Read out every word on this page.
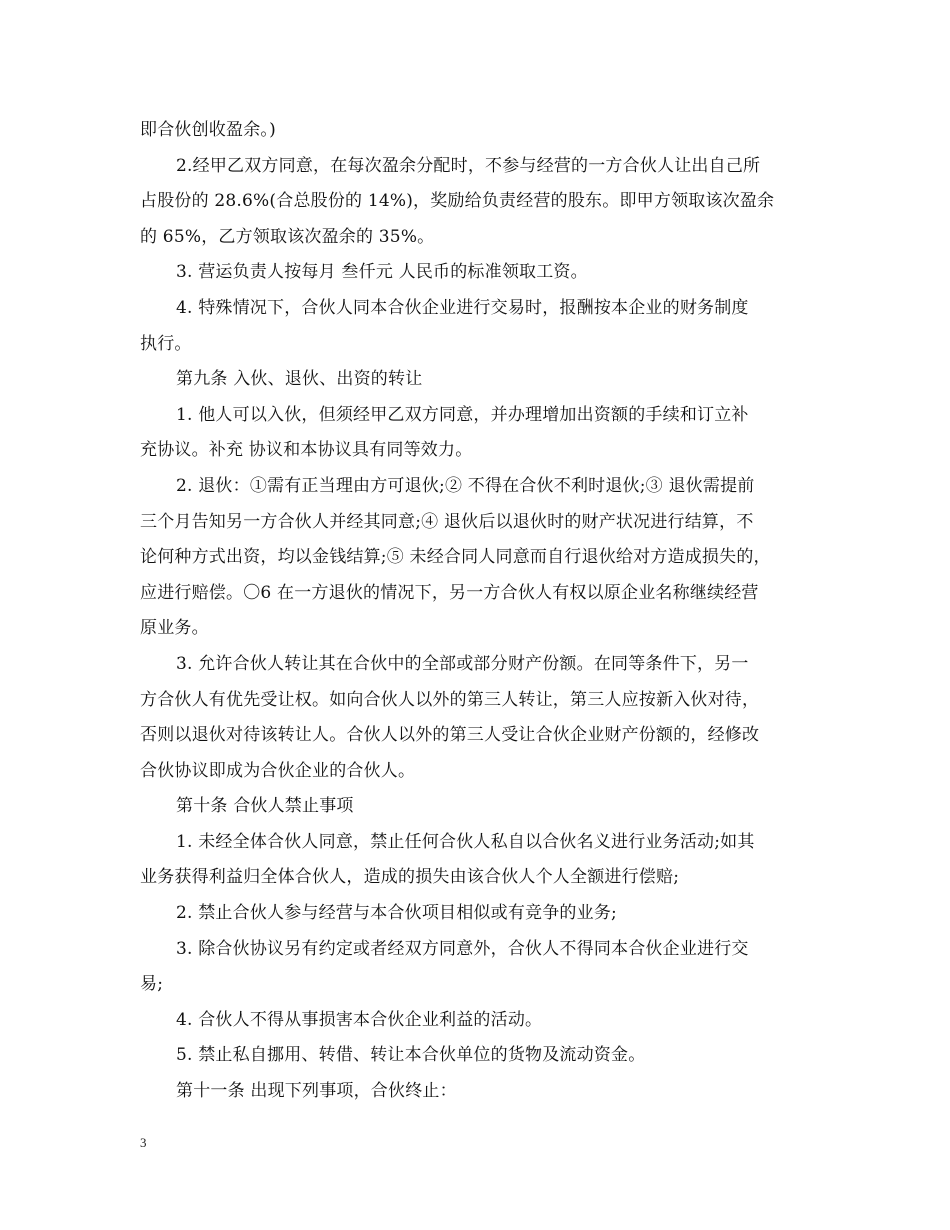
即合伙创收盈余。)
2.经甲乙双方同意，在每次盈余分配时，不参与经营的一方合伙人让出自己所
占股份的 28.6%(合总股份的 14%)，奖励给负责经营的股东。即甲方领取该次盈余
的 65%，乙方领取该次盈余的 35%。
3. 营运负责人按每月 叁仟元 人民币的标准领取工资。
4. 特殊情况下，合伙人同本合伙企业进行交易时，报酬按本企业的财务制度
执行。
第九条 入伙、退伙、出资的转让
1. 他人可以入伙，但须经甲乙双方同意，并办理增加出资额的手续和订立补
充协议。补充 协议和本协议具有同等效力。
2. 退伙：①需有正当理由方可退伙;② 不得在合伙不利时退伙;③ 退伙需提前
三个月告知另一方合伙人并经其同意;④ 退伙后以退伙时的财产状况进行结算，不
论何种方式出资，均以金钱结算;⑤ 未经合同人同意而自行退伙给对方造成损失的，
应进行赔偿。〇6 在一方退伙的情况下，另一方合伙人有权以原企业名称继续经营
原业务。
3. 允许合伙人转让其在合伙中的全部或部分财产份额。在同等条件下，另一
方合伙人有优先受让权。如向合伙人以外的第三人转让，第三人应按新入伙对待，
否则以退伙对待该转让人。合伙人以外的第三人受让合伙企业财产份额的，经修改
合伙协议即成为合伙企业的合伙人。
第十条 合伙人禁止事项
1. 未经全体合伙人同意，禁止任何合伙人私自以合伙名义进行业务活动;如其
业务获得利益归全体合伙人，造成的损失由该合伙人个人全额进行偿赔;
2. 禁止合伙人参与经营与本合伙项目相似或有竞争的业务;
3. 除合伙协议另有约定或者经双方同意外，合伙人不得同本合伙企业进行交
易;
4. 合伙人不得从事损害本合伙企业利益的活动。
5. 禁止私自挪用、转借、转让本合伙单位的货物及流动资金。
第十一条 出现下列事项，合伙终止：
3
